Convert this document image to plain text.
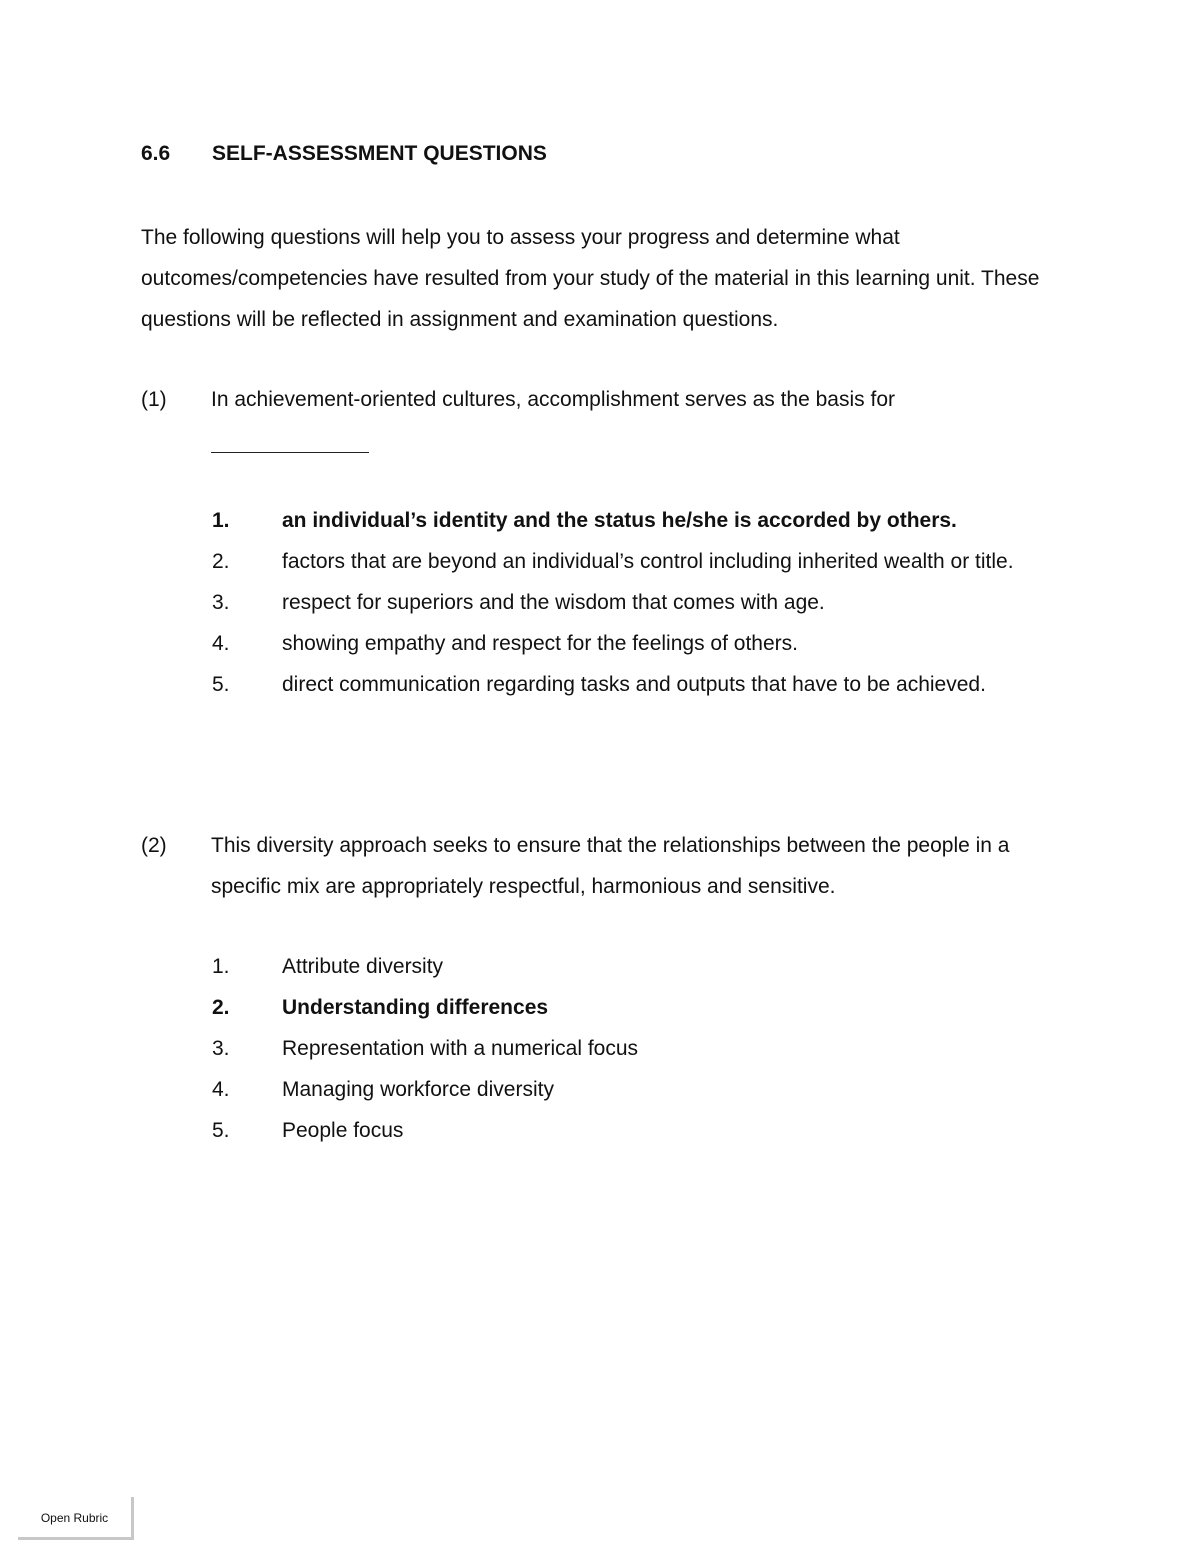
6.6 SELF-ASSESSMENT QUESTIONS
The following questions will help you to assess your progress and determine what outcomes/competencies have resulted from your study of the material in this learning unit. These questions will be reflected in assignment and examination questions.
(1) In achievement-oriented cultures, accomplishment serves as the basis for
1. an individual’s identity and the status he/she is accorded by others.
2. factors that are beyond an individual’s control including inherited wealth or title.
3. respect for superiors and the wisdom that comes with age.
4. showing empathy and respect for the feelings of others.
5. direct communication regarding tasks and outputs that have to be achieved.
(2) This diversity approach seeks to ensure that the relationships between the people in a specific mix are appropriately respectful, harmonious and sensitive.
1. Attribute diversity
2. Understanding differences
3. Representation with a numerical focus
4. Managing workforce diversity
5. People focus
Open Rubric
